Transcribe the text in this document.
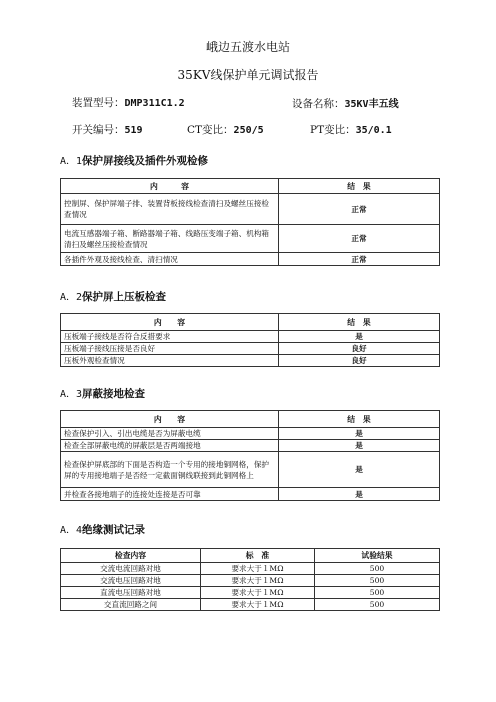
峨边五渡水电站
35KV线保护单元调试报告
装置型号：DMP311C1.2	设备名称：35KV丰五线
开关编号：519	CT变比：250/5	PT变比：35/0.1
A．1保护屏接线及插件外观检修
内　　　容	结　果
控制屏、保护屏端子排、装置背板接线检查清扫及螺丝压接检查情况	正常
电流互感器端子箱、断路器端子箱、线路压变端子箱、机构箱清扫及螺丝压接检查情况	正常
各插件外观及接线检查、清扫情况	正常
A．2保护屏上压板检查
内　　容	结　果
压板端子接线是否符合反措要求	是
压板端子接线压接是否良好	良好
压板外观检查情况	良好
A．3屏蔽接地检查
内　　容	结　果
检查保护引入、引出电缆是否为屏蔽电缆	是
检查全部屏蔽电缆的屏蔽层是否两端接地	是
检查保护屏底部的下面是否构造一个专用的接地铜网格，保护屏的专用接地端子是否经一定截面铜线联接到此铜网格上	是
并检查各接地端子的连接处连接是否可靠	是
A．4绝缘测试记录
检查内容	标　准	试验结果
交流电流回路对地	要求大于１MΩ	500
交流电压回路对地	要求大于１MΩ	500
直流电压回路对地	要求大于１MΩ	500
交直流回路之间	要求大于１MΩ	500
